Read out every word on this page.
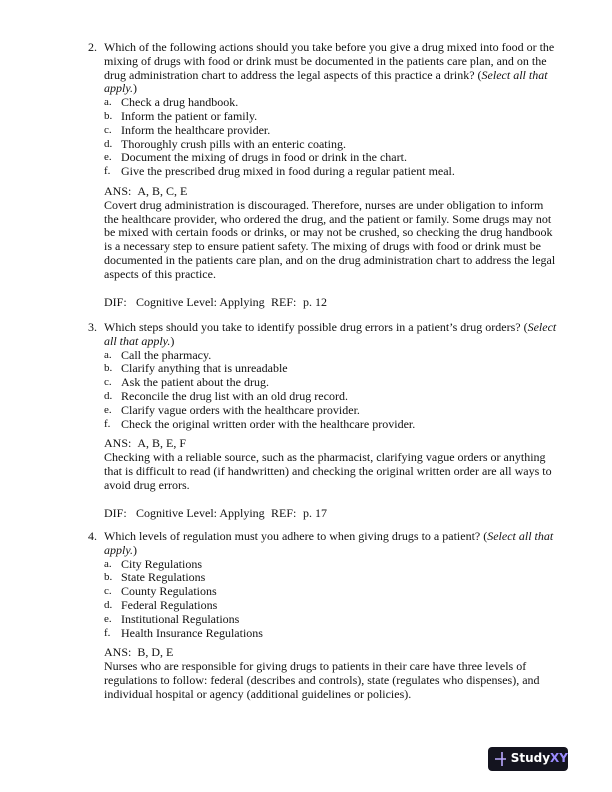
2. Which of the following actions should you take before you give a drug mixed into food or the mixing of drugs with food or drink must be documented in the patients care plan, and on the drug administration chart to address the legal aspects of this practice a drink? (Select all that apply.)
a. Check a drug handbook.
b. Inform the patient or family.
c. Inform the healthcare provider.
d. Thoroughly crush pills with an enteric coating.
e. Document the mixing of drugs in food or drink in the chart.
f. Give the prescribed drug mixed in food during a regular patient meal.
ANS: A, B, C, E
Covert drug administration is discouraged. Therefore, nurses are under obligation to inform the healthcare provider, who ordered the drug, and the patient or family. Some drugs may not be mixed with certain foods or drinks, or may not be crushed, so checking the drug handbook is a necessary step to ensure patient safety. The mixing of drugs with food or drink must be documented in the patients care plan, and on the drug administration chart to address the legal aspects of this practice.
DIF: Cognitive Level: Applying REF: p. 12
3. Which steps should you take to identify possible drug errors in a patient’s drug orders? (Select all that apply.)
a. Call the pharmacy.
b. Clarify anything that is unreadable
c. Ask the patient about the drug.
d. Reconcile the drug list with an old drug record.
e. Clarify vague orders with the healthcare provider.
f. Check the original written order with the healthcare provider.
ANS: A, B, E, F
Checking with a reliable source, such as the pharmacist, clarifying vague orders or anything that is difficult to read (if handwritten) and checking the original written order are all ways to avoid drug errors.
DIF: Cognitive Level: Applying REF: p. 17
4. Which levels of regulation must you adhere to when giving drugs to a patient? (Select all that apply.)
a. City Regulations
b. State Regulations
c. County Regulations
d. Federal Regulations
e. Institutional Regulations
f. Health Insurance Regulations
ANS: B, D, E
Nurses who are responsible for giving drugs to patients in their care have three levels of regulations to follow: federal (describes and controls), state (regulates who dispenses), and individual hospital or agency (additional guidelines or policies).
StudyXY
